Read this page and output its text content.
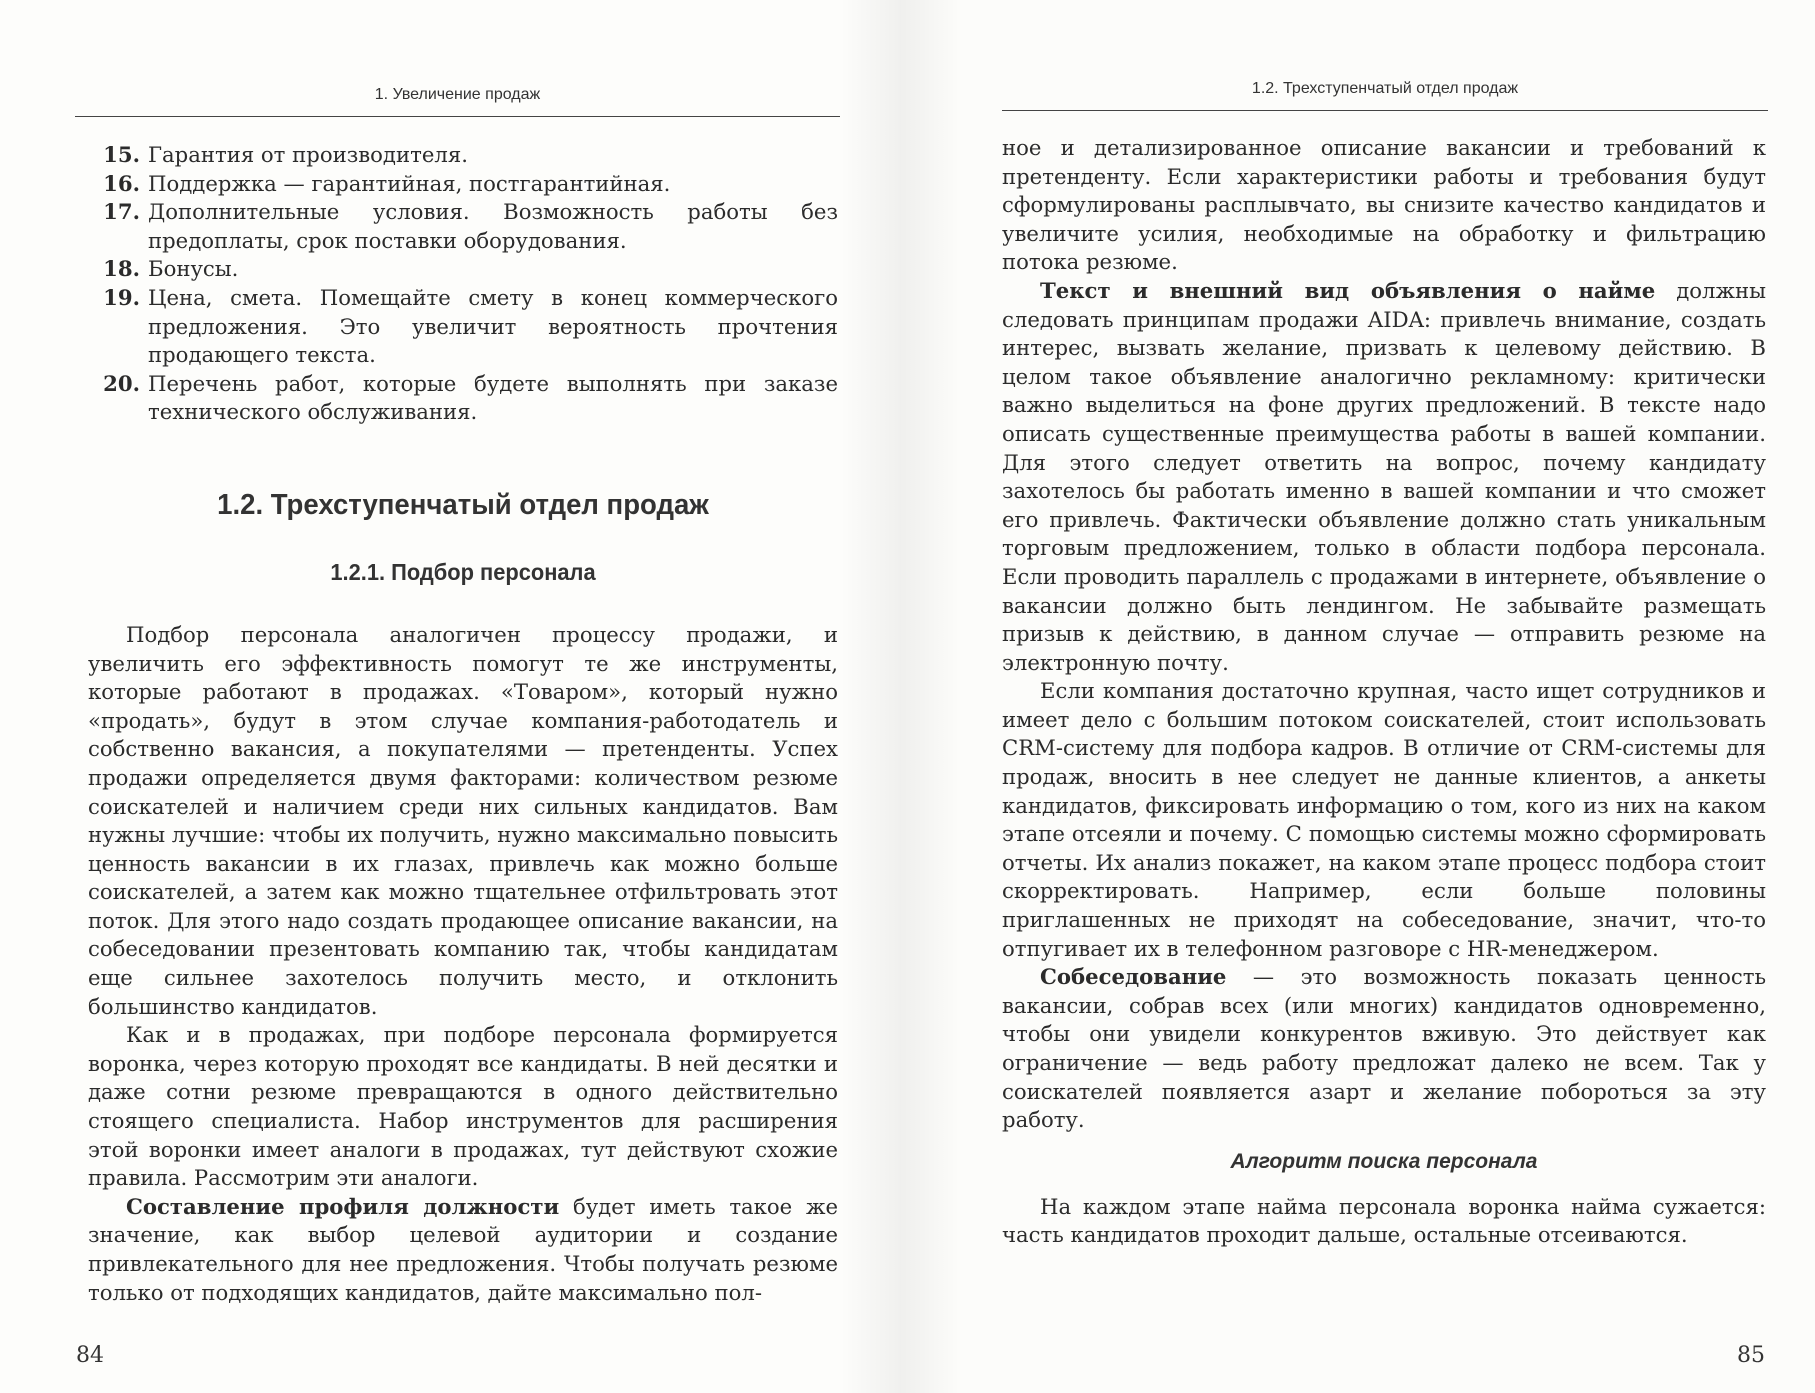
1. Увеличение продаж
15. Гарантия от производителя.
16. Поддержка — гарантийная, постгарантийная.
17. Дополнительные условия. Возможность работы без предоплаты, срок поставки оборудования.
18. Бонусы.
19. Цена, смета. Помещайте смету в конец коммерческого предложения. Это увеличит вероятность прочтения продающего текста.
20. Перечень работ, которые будете выполнять при заказе технического обслуживания.
1.2. Трехступенчатый отдел продаж
1.2.1. Подбор персонала

Подбор персонала аналогичен процессу продажи, и увеличить его эффективность помогут те же инструменты, которые работают в продажах. «Товаром», который нужно «продать», будут в этом случае компания-работодатель и собственно вакансия, а покупателями — претенденты. Успех продажи определяется двумя факторами: количеством резюме соискателей и наличием среди них сильных кандидатов. Вам нужны лучшие: чтобы их получить, нужно максимально повысить ценность вакансии в их глазах, привлечь как можно больше соискателей, а затем как можно тщательнее отфильтровать этот поток. Для этого надо создать продающее описание вакансии, на собеседовании презентовать компанию так, чтобы кандидатам еще сильнее захотелось получить место, и отклонить большинство кандидатов.

Как и в продажах, при подборе персонала формируется воронка, через которую проходят все кандидаты. В ней десятки и даже сотни резюме превращаются в одного действительно стоящего специалиста. Набор инструментов для расширения этой воронки имеет аналоги в продажах, тут действуют схожие правила. Рассмотрим эти аналоги.

Составление профиля должности будет иметь такое же значение, как выбор целевой аудитории и создание привлекательного для нее предложения. Чтобы получать резюме только от подходящих кандидатов, дайте максимально пол-

84
1.2. Трехступенчатый отдел продаж

ное и детализированное описание вакансии и требований к претенденту. Если характеристики работы и требования будут сформулированы расплывчато, вы снизите качество кандидатов и увеличите усилия, необходимые на обработку и фильтрацию потока резюме.

Текст и внешний вид объявления о найме должны следовать принципам продажи AIDA: привлечь внимание, создать интерес, вызвать желание, призвать к целевому действию. В целом такое объявление аналогично рекламному: критически важно выделиться на фоне других предложений. В тексте надо описать существенные преимущества работы в вашей компании. Для этого следует ответить на вопрос, почему кандидату захотелось бы работать именно в вашей компании и что сможет его привлечь. Фактически объявление должно стать уникальным торговым предложением, только в области подбора персонала. Если проводить параллель с продажами в интернете, объявление о вакансии должно быть лендингом. Не забывайте размещать призыв к действию, в данном случае — отправить резюме на электронную почту.

Если компания достаточно крупная, часто ищет сотрудников и имеет дело с большим потоком соискателей, стоит использовать CRM-систему для подбора кадров. В отличие от CRM-системы для продаж, вносить в нее следует не данные клиентов, а анкеты кандидатов, фиксировать информацию о том, кого из них на каком этапе отсеяли и почему. С помощью системы можно сформировать отчеты. Их анализ покажет, на каком этапе процесс подбора стоит скорректировать. Например, если больше половины приглашенных не приходят на собеседование, значит, что-то отпугивает их в телефонном разговоре с HR-менеджером.

Собеседование — это возможность показать ценность вакансии, собрав всех (или многих) кандидатов одновременно, чтобы они увидели конкурентов вживую. Это действует как ограничение — ведь работу предложат далеко не всем. Так у соискателей появляется азарт и желание побороться за эту работу.

Алгоритм поиска персонала

На каждом этапе найма персонала воронка найма сужается: часть кандидатов проходит дальше, остальные отсеиваются.

85
